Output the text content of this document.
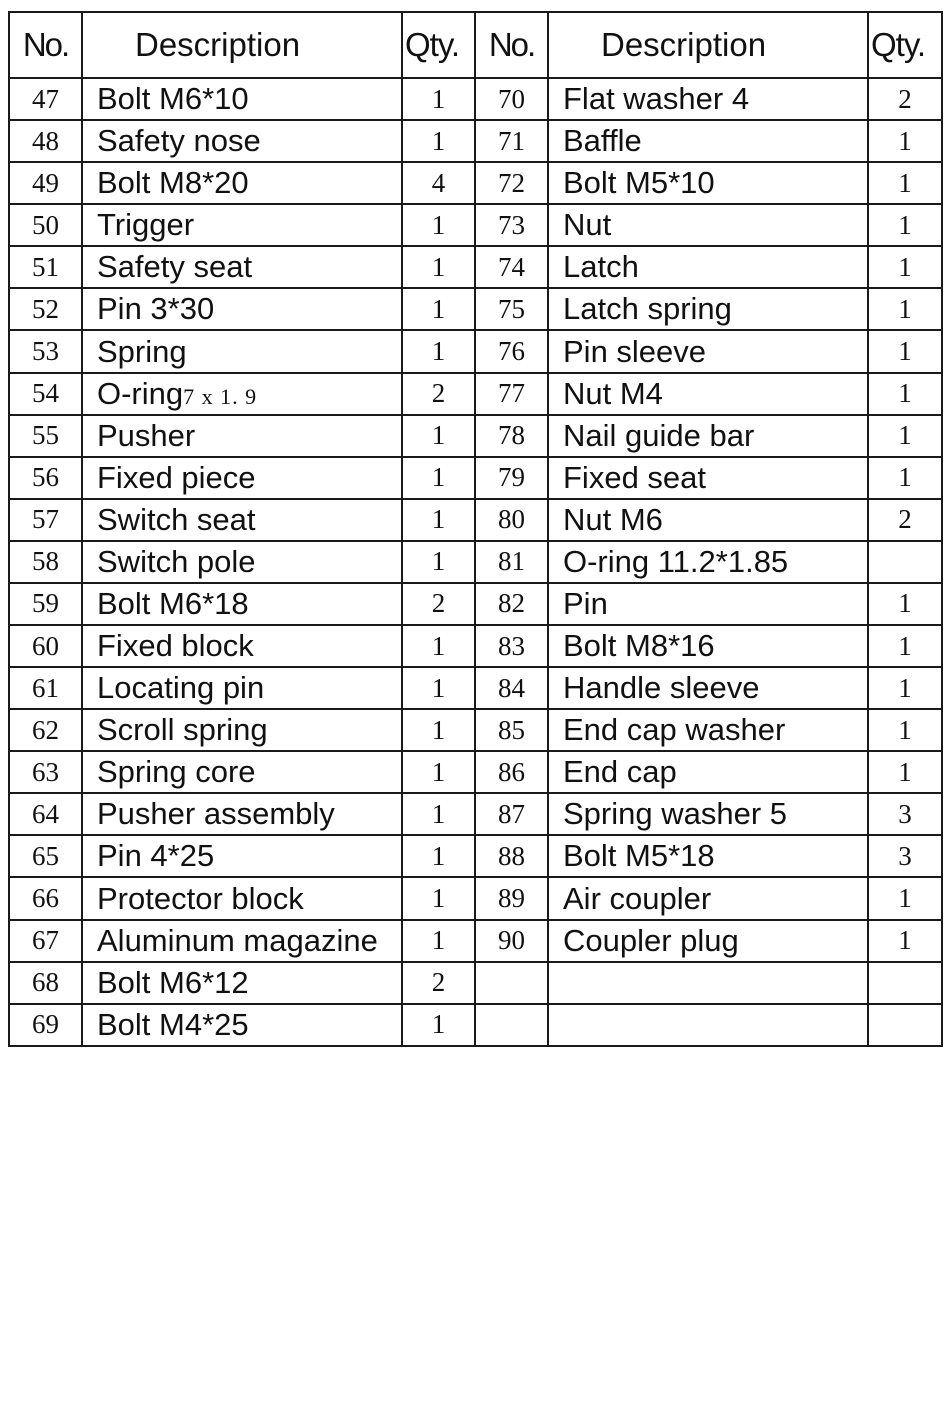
No.	Description	Qty.	No.	Description	Qty.
47	Bolt M6*10	1	70	Flat washer 4	2
48	Safety nose	1	71	Baffle	1
49	Bolt M8*20	4	72	Bolt M5*10	1
50	Trigger	1	73	Nut	1
51	Safety seat	1	74	Latch	1
52	Pin 3*30	1	75	Latch spring	1
53	Spring	1	76	Pin sleeve	1
54	O-ring7 x 1. 9	2	77	Nut M4	1
55	Pusher	1	78	Nail guide bar	1
56	Fixed piece	1	79	Fixed seat	1
57	Switch seat	1	80	Nut M6	2
58	Switch pole	1	81	O-ring 11.2*1.85	
59	Bolt M6*18	2	82	Pin	1
60	Fixed block	1	83	Bolt M8*16	1
61	Locating pin	1	84	Handle sleeve	1
62	Scroll spring	1	85	End cap washer	1
63	Spring core	1	86	End cap	1
64	Pusher assembly	1	87	Spring washer 5	3
65	Pin 4*25	1	88	Bolt M5*18	3
66	Protector block	1	89	Air coupler	1
67	Aluminum magazine	1	90	Coupler plug	1
68	Bolt M6*12	2			
69	Bolt M4*25	1			
